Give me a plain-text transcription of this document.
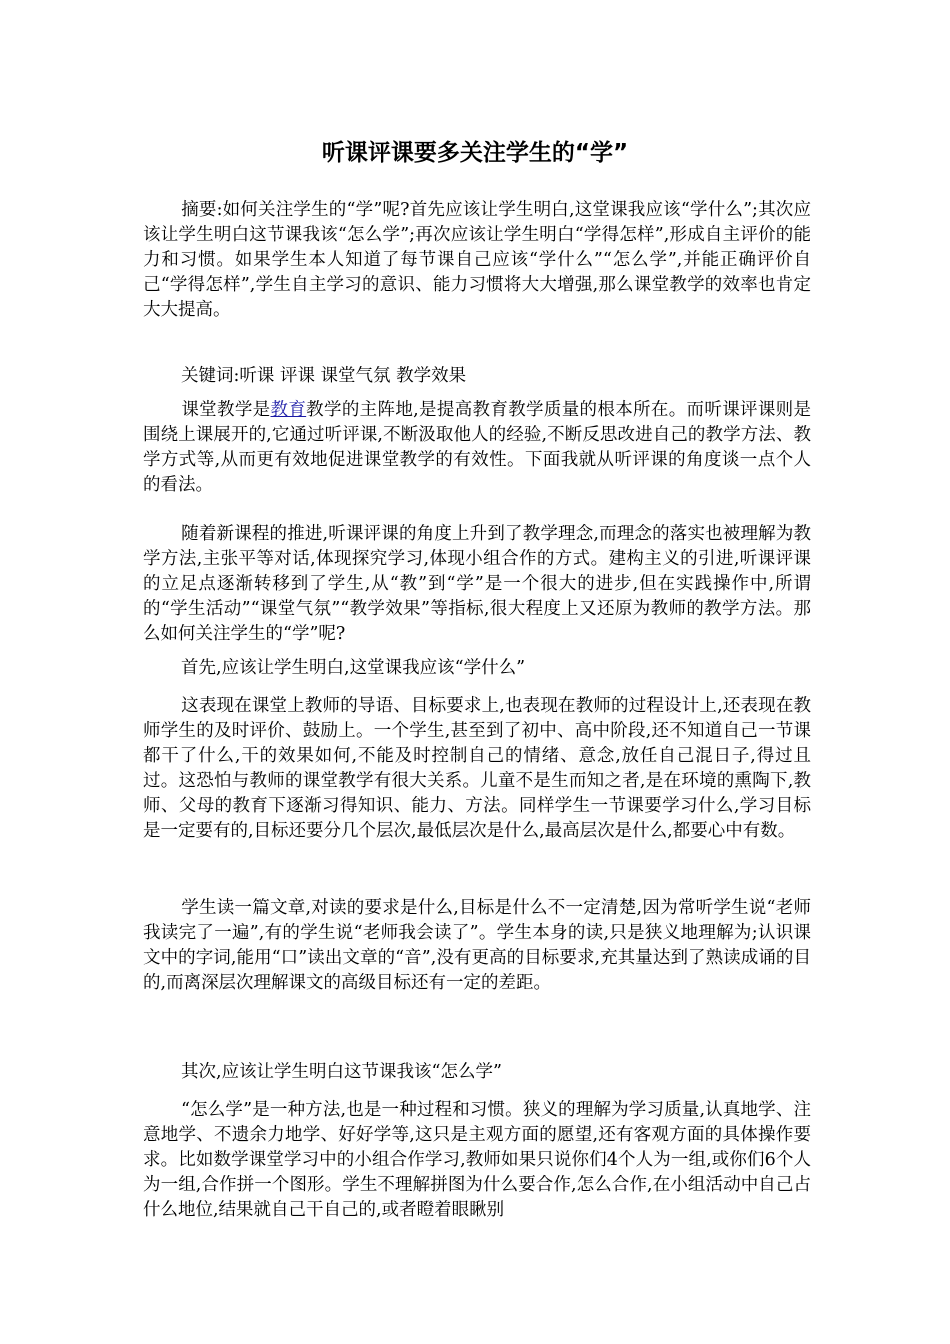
听课评课要多关注学生的“学”
摘要:如何关注学生的“学”呢?首先应该让学生明白,这堂课我应该“学什么”;其次应该让学生明白这节课我该“怎么学”;再次应该让学生明白“学得怎样”,形成自主评价的能力和习惯。如果学生本人知道了每节课自己应该“学什么”“怎么学”,并能正确评价自己“学得怎样”,学生自主学习的意识、能力习惯将大大增强,那么课堂教学的效率也肯定大大提高。
关键词:听课 评课 课堂气氛 教学效果
课堂教学是教育教学的主阵地,是提高教育教学质量的根本所在。而听课评课则是围绕上课展开的,它通过听评课,不断汲取他人的经验,不断反思改进自己的教学方法、教学方式等,从而更有效地促进课堂教学的有效性。下面我就从听评课的角度谈一点个人的看法。
随着新课程的推进,听课评课的角度上升到了教学理念,而理念的落实也被理解为教学方法,主张平等对话,体现探究学习,体现小组合作的方式。建构主义的引进,听课评课的立足点逐渐转移到了学生,从“教”到“学”是一个很大的进步,但在实践操作中,所谓的“学生活动”“课堂气氛”“教学效果”等指标,很大程度上又还原为教师的教学方法。那么如何关注学生的“学”呢?
首先,应该让学生明白,这堂课我应该“学什么”
这表现在课堂上教师的导语、目标要求上,也表现在教师的过程设计上,还表现在教师学生的及时评价、鼓励上。一个学生,甚至到了初中、高中阶段,还不知道自己一节课都干了什么,干的效果如何,不能及时控制自己的情绪、意念,放任自己混日子,得过且过。这恐怕与教师的课堂教学有很大关系。儿童不是生而知之者,是在环境的熏陶下,教师、父母的教育下逐渐习得知识、能力、方法。同样学生一节课要学习什么,学习目标是一定要有的,目标还要分几个层次,最低层次是什么,最高层次是什么,都要心中有数。
学生读一篇文章,对读的要求是什么,目标是什么不一定清楚,因为常听学生说“老师我读完了一遍”,有的学生说“老师我会读了”。学生本身的读,只是狭义地理解为;认识课文中的字词,能用“口”读出文章的“音”,没有更高的目标要求,充其量达到了熟读成诵的目的,而离深层次理解课文的高级目标还有一定的差距。
其次,应该让学生明白这节课我该“怎么学”
“怎么学”是一种方法,也是一种过程和习惯。狭义的理解为学习质量,认真地学、注意地学、不遗余力地学、好好学等,这只是主观方面的愿望,还有客观方面的具体操作要求。比如数学课堂学习中的小组合作学习,教师如果只说你们4个人为一组,或你们6个人为一组,合作拼一个图形。学生不理解拼图为什么要合作,怎么合作,在小组活动中自己占什么地位,结果就自己干自己的,或者瞪着眼瞅别
